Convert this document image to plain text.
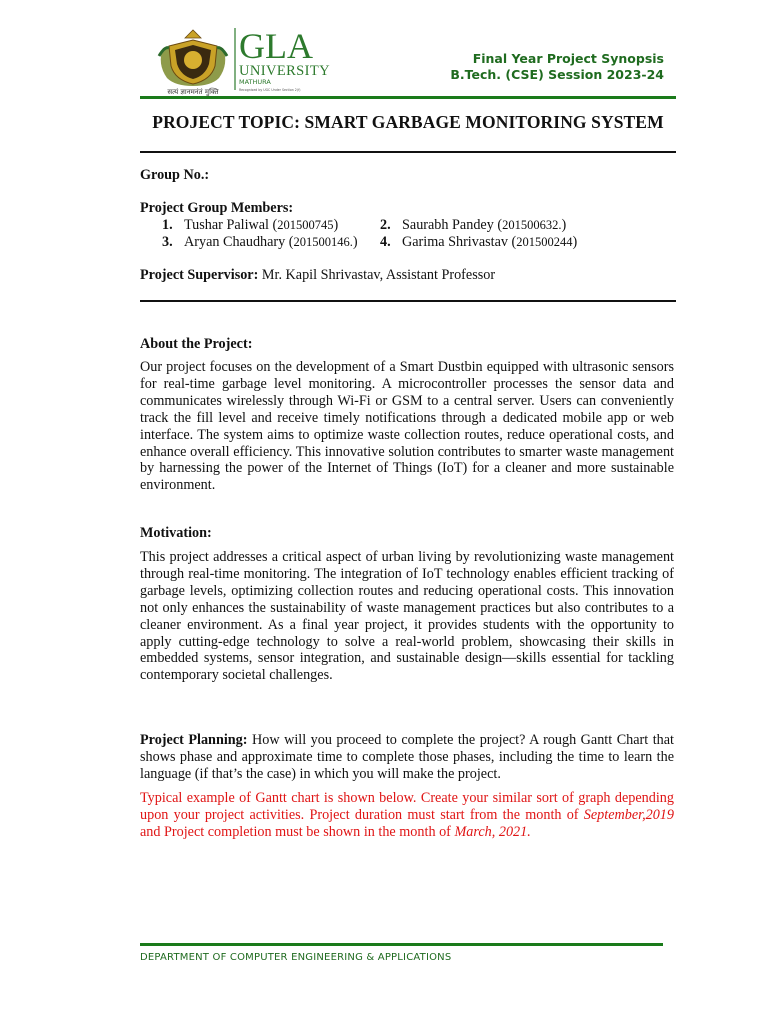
सत्यं ज्ञानमनंतं मुक्ति
GLA
UNIVERSITY
MATHURA
Recognised by UGC Under Section 2(f)
Final Year Project Synopsis
B.Tech. (CSE) Session 2023-24
PROJECT TOPIC: SMART GARBAGE MONITORING SYSTEM
Group No.:
Project Group Members:
1. Tushar Paliwal (201500745)	2. Saurabh Pandey (201500632.)
3. Aryan Chaudhary (201500146.) 4. Garima Shrivastav (201500244)
Project Supervisor: Mr. Kapil Shrivastav, Assistant Professor
About the Project:
Our project focuses on the development of a Smart Dustbin equipped with ultrasonic sensors for real-time garbage level monitoring. A microcontroller processes the sensor data and communicates wirelessly through Wi-Fi or GSM to a central server. Users can conveniently track the fill level and receive timely notifications through a dedicated mobile app or web interface. The system aims to optimize waste collection routes, reduce operational costs, and enhance overall efficiency. This innovative solution contributes to smarter waste management by harnessing the power of the Internet of Things (IoT) for a cleaner and more sustainable environment.
Motivation:
This project addresses a critical aspect of urban living by revolutionizing waste management through real-time monitoring. The integration of IoT technology enables efficient tracking of garbage levels, optimizing collection routes and reducing operational costs. This innovation not only enhances the sustainability of waste management practices but also contributes to a cleaner environment. As a final year project, it provides students with the opportunity to apply cutting-edge technology to solve a real-world problem, showcasing their skills in embedded systems, sensor integration, and sustainable design—skills essential for tackling contemporary societal challenges.
Project Planning: How will you proceed to complete the project? A rough Gantt Chart that shows phase and approximate time to complete those phases, including the time to learn the language (if that’s the case) in which you will make the project.
Typical example of Gantt chart is shown below. Create your similar sort of graph depending upon your project activities. Project duration must start from the month of September,2019 and Project completion must be shown in the month of March, 2021.
DEPARTMENT OF COMPUTER ENGINEERING & APPLICATIONS
